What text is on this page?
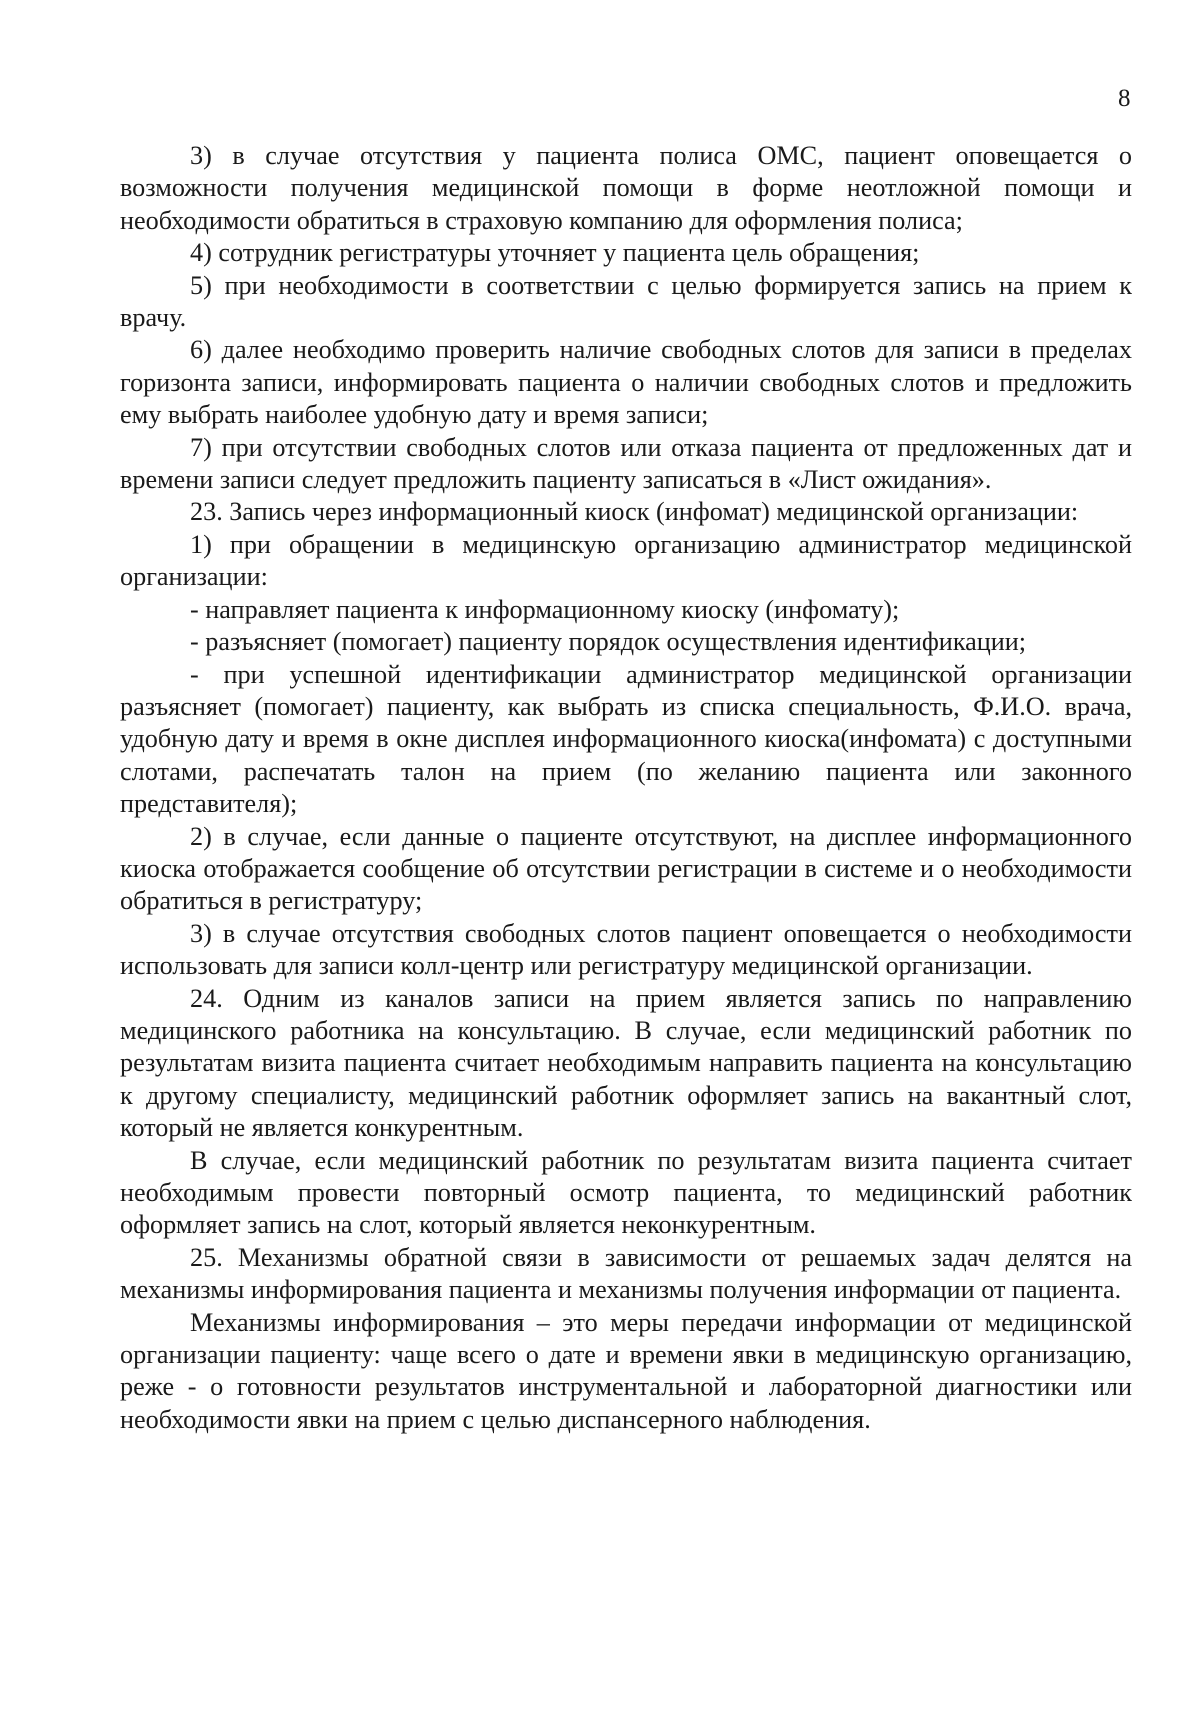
8

3) в случае отсутствия у пациента полиса ОМС, пациент оповещается о возможности получения медицинской помощи в форме неотложной помощи и необходимости обратиться в страховую компанию для оформления полиса;

4) сотрудник регистратуры уточняет у пациента цель обращения;

5) при необходимости в соответствии с целью формируется запись на прием к врачу.

6) далее необходимо проверить наличие свободных слотов для записи в пределах горизонта записи, информировать пациента о наличии свободных слотов и предложить ему выбрать наиболее удобную дату и время записи;

7) при отсутствии свободных слотов или отказа пациента от предложенных дат и времени записи следует предложить пациенту записаться в «Лист ожидания».

23. Запись через информационный киоск (инфомат) медицинской организации:

1) при обращении в медицинскую организацию администратор медицинской организации:

- направляет пациента к информационному киоску (инфомату);

- разъясняет (помогает) пациенту порядок осуществления идентификации;

- при успешной идентификации администратор медицинской организации разъясняет (помогает) пациенту, как выбрать из списка специальность, Ф.И.О. врача, удобную дату и время в окне дисплея информационного киоска(инфомата) с доступными слотами, распечатать талон на прием (по желанию пациента или законного представителя);

2) в случае, если данные о пациенте отсутствуют, на дисплее информационного киоска отображается сообщение об отсутствии регистрации в системе и о необходимости обратиться в регистратуру;

3) в случае отсутствия свободных слотов пациент оповещается о необходимости использовать для записи колл-центр или регистратуру медицинской организации.

24. Одним из каналов записи на прием является запись по направлению медицинского работника на консультацию. В случае, если медицинский работник по результатам визита пациента считает необходимым направить пациента на консультацию к другому специалисту, медицинский работник оформляет запись на вакантный слот, который не является конкурентным.

В случае, если медицинский работник по результатам визита пациента считает необходимым провести повторный осмотр пациента, то медицинский работник оформляет запись на слот, который является неконкурентным.

25. Механизмы обратной связи в зависимости от решаемых задач делятся на механизмы информирования пациента и механизмы получения информации от пациента.

Механизмы информирования – это меры передачи информации от медицинской организации пациенту: чаще всего о дате и времени явки в медицинскую организацию, реже - о готовности результатов инструментальной и лабораторной диагностики или необходимости явки на прием с целью диспансерного наблюдения.
